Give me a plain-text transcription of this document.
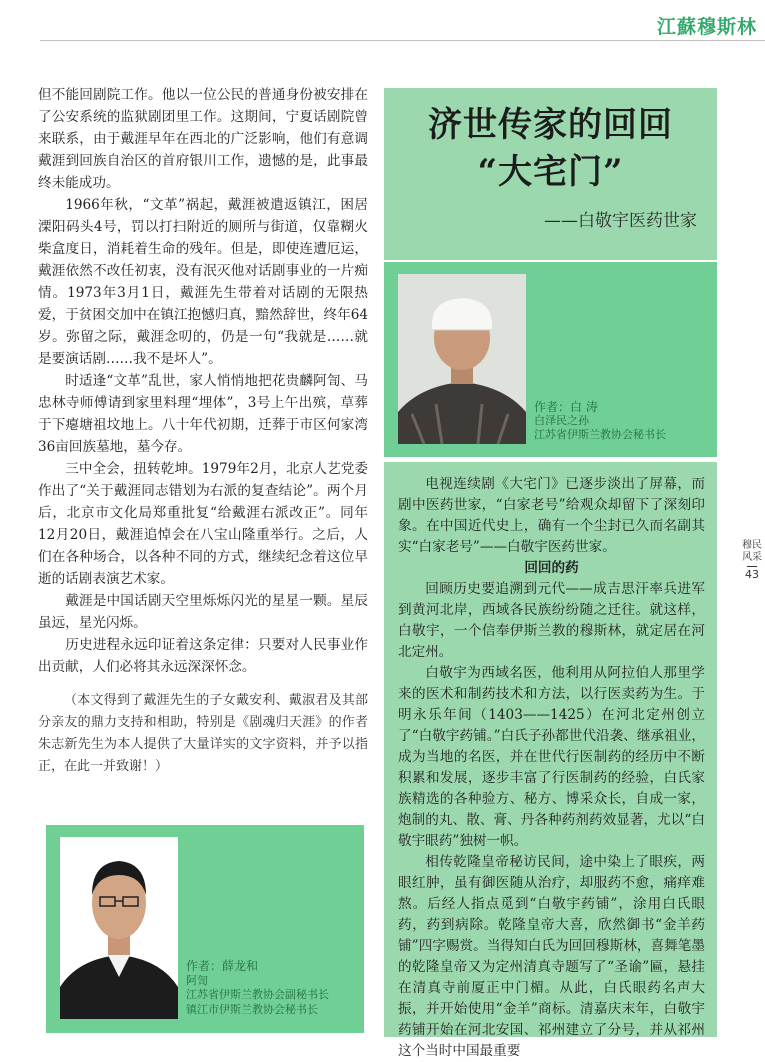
江蘇穆斯林

但不能回剧院工作。他以一位公民的普通身份被安排在了公安系统的监狱剧团里工作。这期间，宁夏话剧院曾来联系，由于戴涯早年在西北的广泛影响，他们有意调戴涯到回族自治区的首府银川工作，遗憾的是，此事最终未能成功。

1966年秋，“文革”祸起，戴涯被遣返镇江，困居溧阳码头4号，罚以打扫附近的厕所与街道，仅靠糊火柴盒度日，消耗着生命的残年。但是，即使连遭厄运，戴涯依然不改任初衷，没有泯灭他对话剧事业的一片痴情。1973年3月1日，戴涯先生带着对话剧的无限热爱，于贫困交加中在镇江抱憾归真，黯然辞世，终年64岁。弥留之际，戴涯念叨的，仍是一句“我就是……就是要演话剧……我不是坏人”。

时适逢“文革”乱世，家人悄悄地把花贵麟阿訇、马忠林寺师傅请到家里料理“埋体”，3号上午出殡，草葬于下瘪塘祖坟地上。八十年代初期，迁葬于市区何家湾36亩回族墓地，墓今存。

三中全会，扭转乾坤。1979年2月，北京人艺党委作出了“关于戴涯同志错划为右派的复查结论”。两个月后，北京市文化局郑重批复“给戴涯右派改正”。同年12月20日，戴涯追悼会在八宝山隆重举行。之后，人们在各种场合，以各种不同的方式，继续纪念着这位早逝的话剧表演艺术家。

戴涯是中国话剧天空里烁烁闪光的星星一颗。星辰虽远，星光闪烁。

历史进程永远印证着这条定律：只要对人民事业作出贡献，人们必将其永远深深怀念。

（本文得到了戴涯先生的子女戴安利、戴淑君及其部分亲友的鼎力支持和相助，特别是《剧魂归天涯》的作者朱志新先生为本人提供了大量详实的文字资料，并予以指正，在此一并致谢！）
作者：薛龙和
阿訇
江苏省伊斯兰教协会副秘书长
镇江市伊斯兰教协会秘书长
济世传家的回回
“大宅门”
——白敬宇医药世家
作者：白 涛
白泽民之孙
江苏省伊斯兰教协会秘书长

电视连续剧《大宅门》已逐步淡出了屏幕，而剧中医药世家，“白家老号”给观众却留下了深刻印象。在中国近代史上，确有一个尘封已久而名副其实“白家老号”——白敬宇医药世家。

回回的药

回顾历史要追溯到元代——成吉思汗率兵进军到黄河北岸，西域各民族纷纷随之迁往。就这样，白敬宇，一个信奉伊斯兰教的穆斯林，就定居在河北定州。

白敬宇为西域名医，他利用从阿拉伯人那里学来的医术和制药技术和方法，以行医卖药为生。于明永乐年间（1403——1425）在河北定州创立了“白敬宇药铺。”白氏子孙都世代沿袭、继承祖业，成为当地的名医，并在世代行医制药的经历中不断积累和发展，逐步丰富了行医制药的经验，白氏家族精选的各种验方、秘方、博采众长，自成一家，炮制的丸、散、膏、丹各种药剂药效显著，尤以“白敬宇眼药”独树一帜。

相传乾隆皇帝秘访民间，途中染上了眼疾，两眼红肿，虽有御医随从治疗，却服药不愈，痛痒难熬。后经人指点觅到“白敬宇药铺”，涂用白氏眼药，药到病除。乾隆皇帝大喜，欣然御书“金羊药铺”四字赐赏。当得知白氏为回回穆斯林，喜舞笔墨的乾隆皇帝又为定州清真寺题写了“圣谕”匾，悬挂在清真寺前厦正中门楣。从此，白氏眼药名声大振，并开始使用“金羊”商标。清嘉庆末年，白敬宇药铺开始在河北安国、祁州建立了分号，并从祁州这个当时中国最重要

穆民风采
43
